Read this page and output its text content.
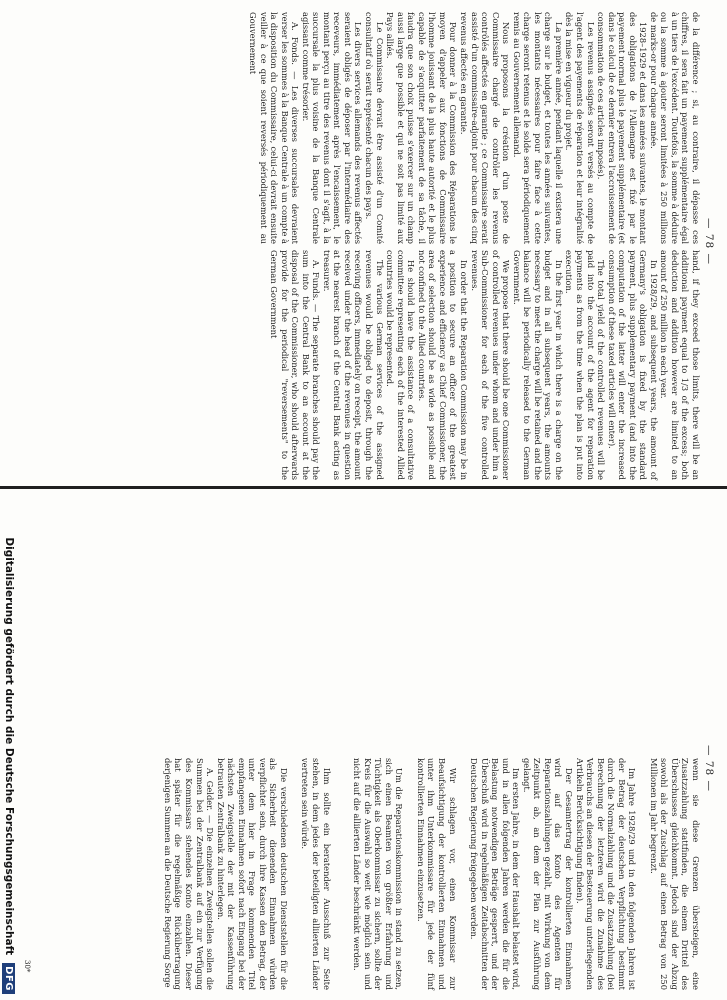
— 78 —

de la différence ; si, au contraire, il dépasse ces chiffres, il sera fait un payement supplémentaire égal à un tiers de l'excédent. Toutefois, la somme à déduire ou la somme à ajouter seront limitées à 250 millions de marks-or pour chaque année.

1928–1929 et dans les années suivantes, le montant des obligations de l'Allemagne est fixé par le payement normal plus le payement supplémentaire (et dans le calcul de ce dernier entrera l'accroissement de consommation de ces articles imposés).

Les revenus assignés seront versés au compte de l'agent des payements de réparation et leur intégralité dès la mise en vigueur du projet.

La première année, pendant laquelle il existera une charge sur le budget, et toutes les années suivantes, les montants nécessaires pour faire face à cette charge seront retenus et le solde sera périodiquement remis au Gouvernement allemand.

Nous proposons la création d'un poste de Commissaire chargé de contrôler les revenus contrôlés affectés en garantie ; ce Commissaire serait assisté d'un commissaire-adjoint pour chacun des cinq revenus affectés en garantie.

Pour donner à la Commission des Réparations le moyen d'appeler aux fonctions de Commissaire l'homme jouissant de la plus haute autorité et le plus capable de s'acquitter parfaitement de sa tâche, il faudra que son choix puisse s'exercer sur un champ aussi large que possible et qui ne soit pas limité aux Pays alliés.

Le Commissaire devrait être assisté d'un Comité consultatif où serait représenté chacun des pays.

Les divers services allemands des revenus affectés seraient obligés de déposer par l'intermédiaire des receveurs, immédiatement après l'encaissement, le montant perçu au titre des revenus dont il s'agit, à la succursale la plus voisine de la Banque Centrale agissant comme trésorier.

A. Fonds. — Les diverses succursales devraient verser les sommes à la Banque Centrale à un compte à la disposition du Commissaire, celui-ci devrait ensuite veiller à ce que soient reversés périodiquement au Gouvernement

hand, if they exceed those limits, there will be an additional payment equal to 1/3 of the excess; both deduction and addition however are limited to an amount of 250 million in each year.

In 1928/29, and subsequent years, the amount of Germany's obligation is fixed by the standard payment, plus supplementary payment (and into the computation of the latter will enter the increased consumption of these taxed articles will enter).

The total yield of the controlled revenues will be paid into the account of the agent for reparation payments as from the time when the plan is put into execution.

In the first year in which there is a charge on the budget and in all subsequent years, the amounts necessary to meet the charge will be retained and the balance will be periodically released to the German Government.

We propose that there should be one Commissioner of controlled revenues under whom and under him a Sub-Commissioner for each of the five controlled revenues.

In order that the Reparation Commission may be in a position to secure an officer of the greatest experience and efficiency as Chief Commissioner, the area of selection should be as wide as possible and not confined to the Allied countries.

He should have the assistance of a consultative committee representing each of the interested Allied countries would be represented.

The various German services of the assigned revenues would be obliged to deposit, through the receiving officers, immediately on receipt, the amount received under the head of the revenues in question at the nearest branch of the Central Bank acting as treasurer.

A. Funds. — The separate branches should pay the sum into the Central Bank to an account at the disposal of the Commissioner, who should afterwards provide for the periodical "reversements" to the German Government

— 78 —

wenn sie diese Grenzen übersteigen, eine Zusatzzahlung stattfinden, die einem Drittel des Überschusses gleichkommt. Jedoch sind der Abzug sowohl als der Zuschlag auf einen Betrag von 250 Millionen im Jahr begrenzt.

Im Jahre 1928/29 und in den folgenden Jahren ist der Betrag der deutschen Verpflichtung bestimmt durch die Normalzahlung und die Zusatzzahlung (bei Berechnung der letzteren wird die Zunahme des Verbrauchs an diesen der Besteuerung unterliegenden Artikeln Berücksichtigung finden).

Der Gesamtertrag der kontrollierten Einnahmen wird auf das Konto des Agenten für Reparationszahlungen gezahlt, mit Wirkung von dem Zeitpunkt ab, an dem der Plan zur Ausführung gelangt.

Im ersten Jahre, in dem der Haushalt belastet wird, und in allen folgenden Jahren werden die für die Belastung notwendigen Beträge gesperrt, und der Überschuß wird in regelmäßigen Zeitabschnitten der Deutschen Regierung freigegeben werden.

Wir schlagen vor, einen Kommissar zur Beaufsichtigung der kontrollierten Einnahmen und unter ihm Unterkommissare für jede der fünf kontrollierten Einnahmen einzusetzen.

Um die Reparationskommission in stand zu setzen, sich einen Beamten von größter Erfahrung und Tüchtigkeit als Oberkommissar zu sichern, sollte der Kreis für die Auswahl so weit wie möglich sein und nicht auf die alliierten Länder beschränkt werden.

Ihm sollte ein beratender Ausschuß zur Seite stehen, in dem jedes der beteiligten alliierten Länder vertreten sein würde.

Die verschiedenen deutschen Dienststellen für die als Sicherheit dienenden Einnahmen würden verpflichtet sein, durch ihre Kassen den Betrag, der unter dem hier in Frage kommenden Titel empfangenen Einnahmen sofort nach Eingang bei der nächsten Zweigstelle der mit der Kassenführung betrauten Zentralbank zu hinterlegen.

A. Gelder. — Die einzelnen Zweigstellen sollen die Summen bei der Zentralbank auf ein zur Verfügung des Kommissars stehendes Konto einzahlen. Dieser hat später für die regelmäßige Rückübertragung derjenigen Summen an die Deutsche Regierung Sorge

30*
Digitalisierung gefördert durch die Deutsche Forschungsgemeinschaft
DFG
